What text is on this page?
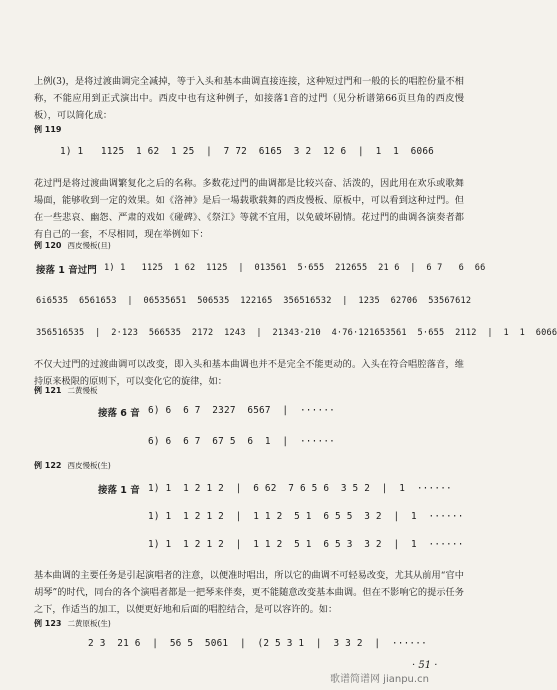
上例(3)，是将过渡曲调完全减掉，等于入头和基本曲调直接连接，这种短过門和一般的长的唱腔份量不相称，不能应用到正式演出中。西皮中也有这种例子，如接落1音的过門（见分析谱第66页旦角的西皮慢板），可以简化成：

例 119
1) 1   1125  1 62  1 25  |  7 72  6165  3 2  12 6  |  1  1  6066

花过門是将过渡曲调繁复化之后的名称。多数花过門的曲调都是比较兴奋、活泼的，因此用在欢乐或歌舞場面，能够收到一定的效果。如《洛神》是后一場载歌载舞的西皮慢板、原板中，可以看到这种过門。但在一些悲哀、幽怨、严肃的戏如《碰碑》、《祭江》等就不宜用，以免破坏剧情。花过門的曲调各演奏者都有自己的一套，不尽相同，现在举例如下：

例 120 西皮慢板(旦)
接落 1 音过門 1) 1   1125  1 62  1125  |  013561  5·655  212655  21 6  |  6 7   6  66
6i6535  6561653  |  06535651  506535  122165  356516532  |  1235  62706  53567612
356516535  |  2·123  566535  2172  1243  |  21343·210  4·76·121653561  5·655  2112  |  1  1  6066

不仅大过門的过渡曲调可以改变，即入头和基本曲调也并不是完全不能更动的。入头在符合唱腔落音，维持原来极限的原则下，可以变化它的旋律，如：

例 121 二黄慢板
接落 6 音 6) 6  6 7  2327  6567  |  ······
6) 6  6 7  67 5  6  1  |  ······
例 122 西皮慢板(生)
接落 1 音 1) 1  1 2 1 2  |  6 62  7 6 5 6  3 5 2  |  1  ······
1) 1  1 2 1 2  |  1 1 2  5 1  6 5 5  3 2  |  1  ······
1) 1  1 2 1 2  |  1 1 2  5 1  6 5 3  3 2  |  1  ······

基本曲调的主要任务是引起演唱者的注意，以便准时唱出，所以它的曲调不可轻易改变，尤其从前用“官中胡琴”的时代，同台的各个演唱者都是一把琴来伴奏，更不能随意改变基本曲调。但在不影响它的提示任务之下，作适当的加工，以便更好地和后面的唱腔结合，是可以容许的。如：

例 123 二黄原板(生)
2 3  21 6  |  56 5  5061  |  (2 5 3 1  |  3 3 2  |  ······
· 51 ·
歌谱简谱网 jianpu.cn
